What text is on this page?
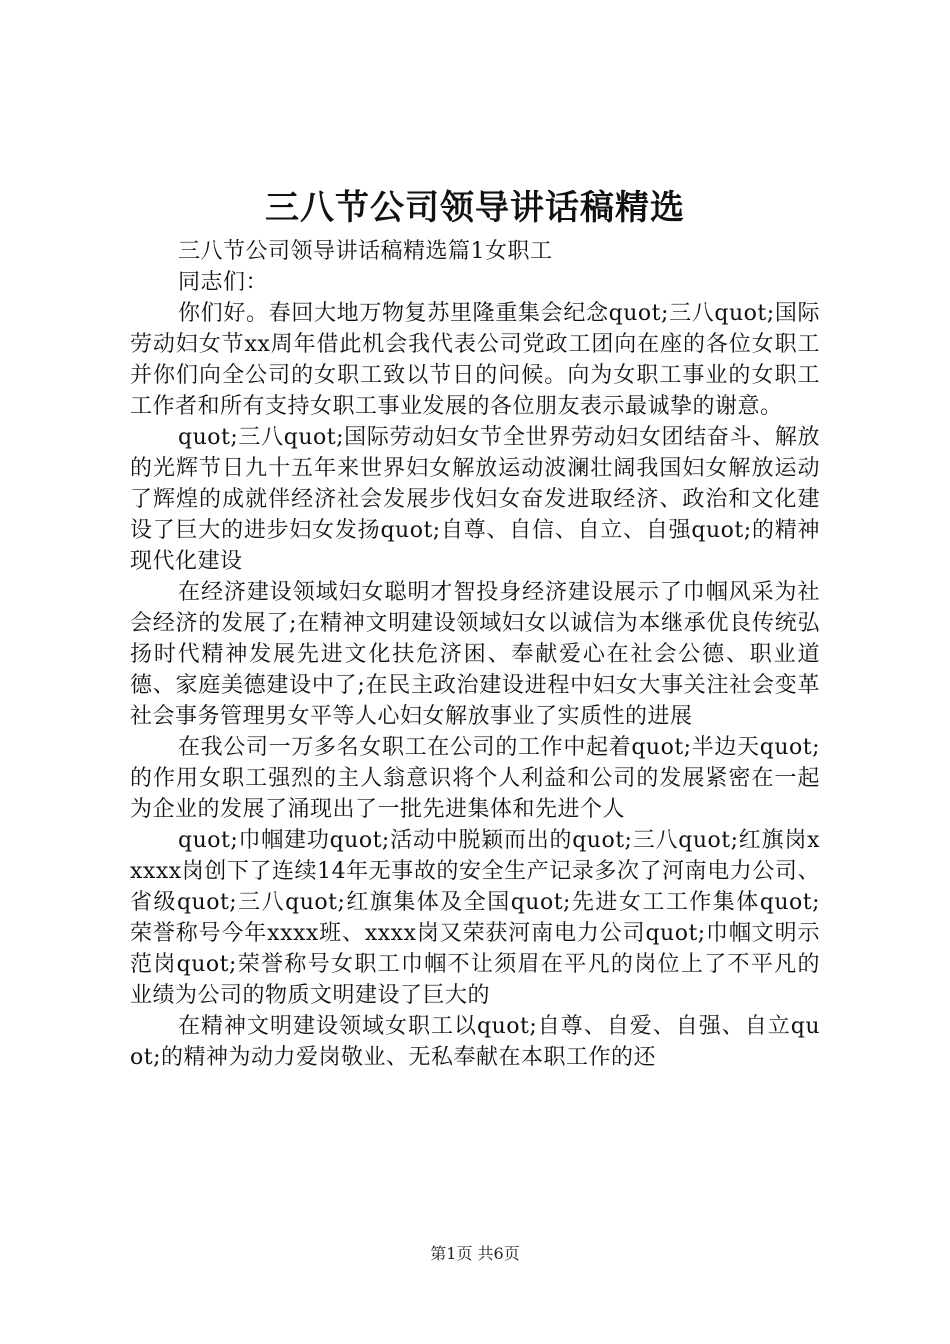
三八节公司领导讲话稿精选

三八节公司领导讲话稿精选篇1女职工

同志们：

你们好。春回大地万物复苏里隆重集会纪念quot;三八quot;国际劳动妇女节xx周年借此机会我代表公司党政工团向在座的各位女职工并你们向全公司的女职工致以节日的问候。向为女职工事业的女职工工作者和所有支持女职工事业发展的各位朋友表示最诚挚的谢意。

quot;三八quot;国际劳动妇女节全世界劳动妇女团结奋斗、解放的光辉节日九十五年来世界妇女解放运动波澜壮阔我国妇女解放运动了辉煌的成就伴经济社会发展步伐妇女奋发进取经济、政治和文化建设了巨大的进步妇女发扬quot;自尊、自信、自立、自强quot;的精神现代化建设

在经济建设领域妇女聪明才智投身经济建设展示了巾帼风采为社会经济的发展了;在精神文明建设领域妇女以诚信为本继承优良传统弘扬时代精神发展先进文化扶危济困、奉献爱心在社会公德、职业道德、家庭美德建设中了;在民主政治建设进程中妇女大事关注社会变革社会事务管理男女平等人心妇女解放事业了实质性的进展

在我公司一万多名女职工在公司的工作中起着quot;半边天quot;的作用女职工强烈的主人翁意识将个人利益和公司的发展紧密在一起为企业的发展了涌现出了一批先进集体和先进个人

quot;巾帼建功quot;活动中脱颖而出的quot;三八quot;红旗岗xxxxx岗创下了连续14年无事故的安全生产记录多次了河南电力公司、省级quot;三八quot;红旗集体及全国quot;先进女工工作集体quot;荣誉称号今年xxxx班、xxxx岗又荣获河南电力公司quot;巾帼文明示范岗quot;荣誉称号女职工巾帼不让须眉在平凡的岗位上了不平凡的业绩为公司的物质文明建设了巨大的

在精神文明建设领域女职工以quot;自尊、自爱、自强、自立quot;的精神为动力爱岗敬业、无私奉献在本职工作的还

第1页 共6页
